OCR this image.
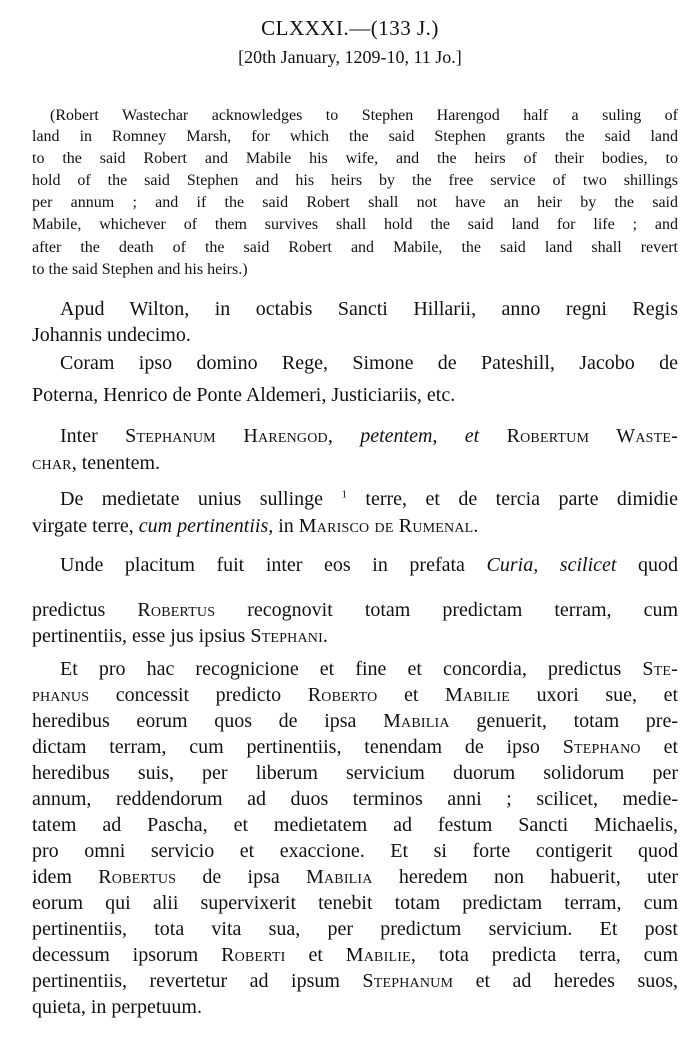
CLXXXI.—(133 J.)
[20th January, 1209-10, 11 Jo.]
(Robert Wastechar acknowledges to Stephen Harengod half a suling of
land in Romney Marsh, for which the said Stephen grants the said land
to the said Robert and Mabile his wife, and the heirs of their bodies, to
hold of the said Stephen and his heirs by the free service of two shillings
per annum ; and if the said Robert shall not have an heir by the said
Mabile, whichever of them survives shall hold the said land for life ; and
after the death of the said Robert and Mabile, the said land shall revert
to the said Stephen and his heirs.)
Apud Wilton, in octabis Sancti Hillarii, anno regni Regis
Johannis undecimo.
Coram ipso domino Rege, Simone de Pateshill, Jacobo de
Poterna, Henrico de Ponte Aldemeri, Justiciariis, etc.
Inter Stephanum Harengod, petentem, et Robertum Waste-
char, tenentem.
De medietate unius sullinge $^1$ terre, et de tercia parte dimidie
virgate terre, cum pertinentiis, in Marisco de Rumenal.
Unde placitum fuit inter eos in prefata Curia, scilicet quod
predictus Robertus recognovit totam predictam terram, cum
pertinentiis, esse jus ipsius Stephani.
Et pro hac recognicione et fine et concordia, predictus Ste-
phanus concessit predicto Roberto et Mabilie uxori sue, et
heredibus eorum quos de ipsa Mabilia genuerit, totam pre-
dictam terram, cum pertinentiis, tenendam de ipso Stephano et
heredibus suis, per liberum servicium duorum solidorum per
annum, reddendorum ad duos terminos anni ; scilicet, medie-
tatem ad Pascha, et medietatem ad festum Sancti Michaelis,
pro omni servicio et exaccione. Et si forte contigerit quod
idem Robertus de ipsa Mabilia heredem non habuerit, uter
eorum qui alii supervixerit tenebit totam predictam terram, cum
pertinentiis, tota vita sua, per predictum servicium. Et post
decessum ipsorum Roberti et Mabilie, tota predicta terra, cum
pertinentiis, revertetur ad ipsum Stephanum et ad heredes suos,
quieta, in perpetuum.
